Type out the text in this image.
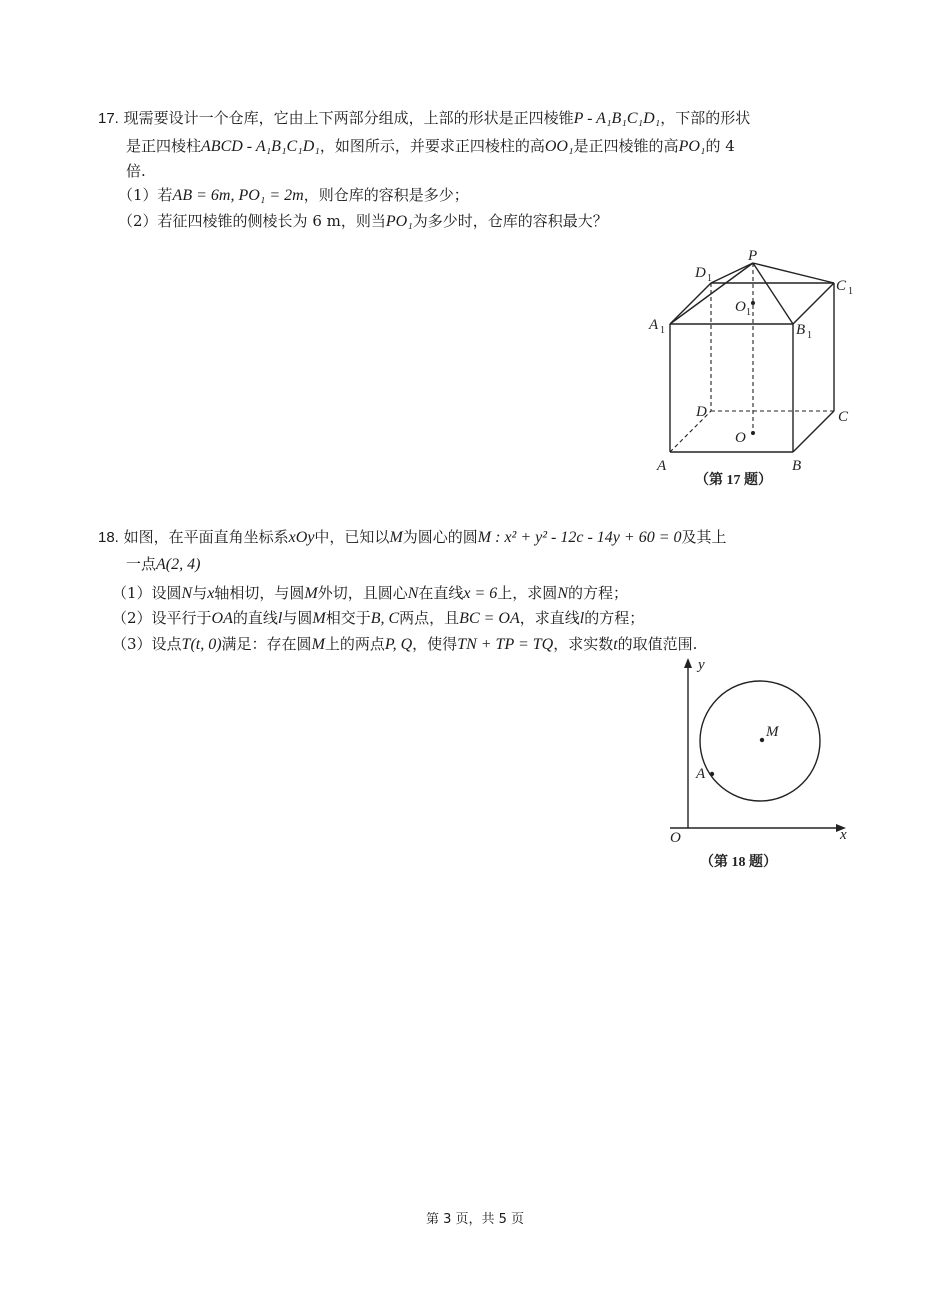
17. 现需要设计一个仓库，它由上下两部分组成，上部的形状是正四棱锥P - A₁B₁C₁D₁，下部的形状
是正四棱柱ABCD - A₁B₁C₁D₁，如图所示，并要求正四棱柱的高OO₁是正四棱锥的高PO₁的 4
倍.
（1）若AB = 6m, PO₁ = 2m，则仓库的容积是多少；
（2）若征四棱锥的侧棱长为 6 m，则当PO₁为多少时，仓库的容积最大？
P
D 1	C 1
O 1
A 1	B 1
D	C
O
A	B
（第 17 题）
18. 如图，在平面直角坐标系xOy中，已知以M为圆心的圆M : x² + y² - 12c - 14y + 60 = 0及其上
一点A(2, 4)
（1）设圆N与x轴相切，与圆M外切，且圆心N在直线x = 6上，求圆N的方程；
（2）设平行于OA的直线l与圆M相交于B, C两点，且BC = OA，求直线l的方程；
（3）设点T(t, 0)满足：存在圆M上的两点P, Q，使得TN + TP = TQ，求实数t的取值范围.
y
M
A
O	x
（第 18 题）
第 3 页，共 5 页
